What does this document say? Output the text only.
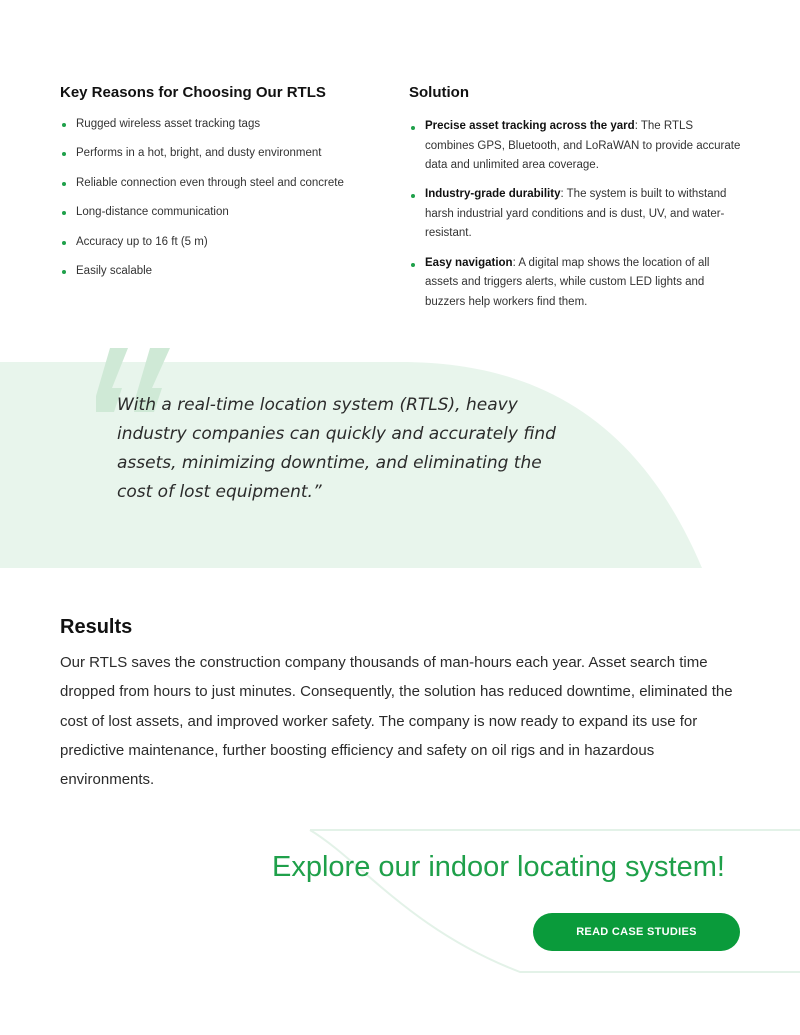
Key Reasons for Choosing Our RTLS
Rugged wireless asset tracking tags
Performs in a hot, bright, and dusty environment
Reliable connection even through steel and concrete
Long-distance communication
Accuracy up to 16 ft (5 m)
Easily scalable
Solution
Precise asset tracking across the yard: The RTLS combines GPS, Bluetooth, and LoRaWAN to provide accurate data and unlimited area coverage.
Industry-grade durability: The system is built to withstand harsh industrial yard conditions and is dust, UV, and water-resistant.
Easy navigation: A digital map shows the location of all assets and triggers alerts, while custom LED lights and buzzers help workers find them.

With a real-time location system (RTLS), heavy industry companies can quickly and accurately find assets, minimizing downtime, and eliminating the cost of lost equipment.”

Results

Our RTLS saves the construction company thousands of man-hours each year. Asset search time dropped from hours to just minutes. Consequently, the solution has reduced downtime, eliminated the cost of lost assets, and improved worker safety. The company is now ready to expand its use for predictive maintenance, further boosting efficiency and safety on oil rigs and in hazardous environments.

Explore our indoor locating system!
READ CASE STUDIES
